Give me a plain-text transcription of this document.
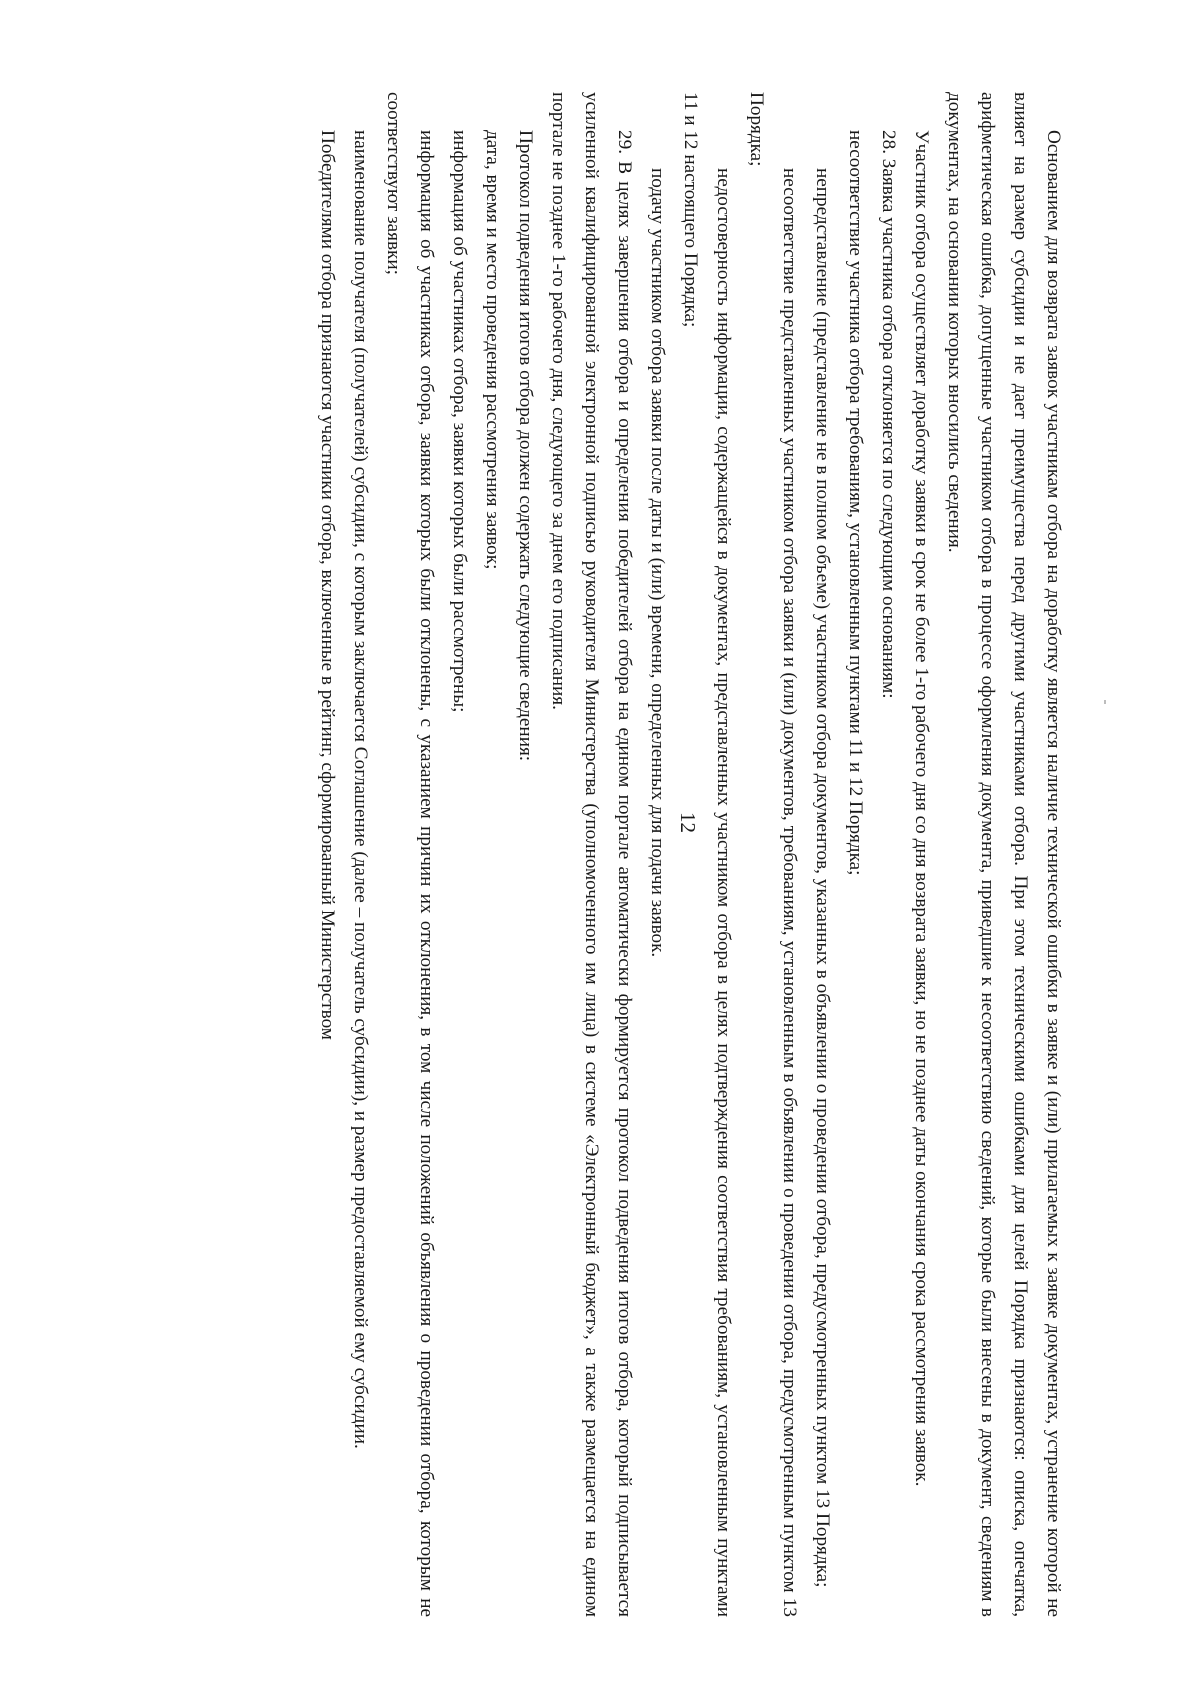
12	Основанием для возврата заявок участникам отбора на доработку является наличие технической ошибки в заявке и (или) прилагаемых к заявке документах, устранение которой не влияет на размер субсидии и не дает преимущества перед другими участниками отбора. При этом техническими ошибками для целей Порядка признаются: описка, опечатка, арифметическая ошибка, допущенные участником отбора в процессе оформления документа, приведшие к несоответствию сведений, которые были внесены в документ, сведениям в документах, на основании которых вносились сведения.

Участник отбора осуществляет доработку заявки в срок не более 1-го рабочего дня со дня возврата заявки, но не позднее даты окончания срока рассмотрения заявок.

28. Заявка участника отбора отклоняется по следующим основаниям:

несоответствие участника отбора требованиям, установленным пунктами 11 и 12 Порядка;

непредставление (представление не в полном объеме) участником отбора документов, указанных в объявлении о проведении отбора, предусмотренных пунктом 13 Порядка;

несоответствие представленных участником отбора заявки и (или) документов, требованиям, установленным в объявлении о проведении отбора, предусмотренным пунктом 13 Порядка;

недостоверность информации, содержащейся в документах, представленных участником отбора в целях подтверждения соответствия требованиям, установленным пунктами 11 и 12 настоящего Порядка;

подачу участником отбора заявки после даты и (или) времени, определенных для подачи заявок.

29. В целях завершения отбора и определения победителей отбора на едином портале автоматически формируется протокол подведения итогов отбора, который подписывается усиленной квалифицированной электронной подписью руководителя Министерства (уполномоченного им лица) в системе «Электронный бюджет», а также размещается на едином портале не позднее 1-го рабочего дня, следующего за днем его подписания.

Протокол подведения итогов отбора должен содержать следующие сведения:

дата, время и место проведения рассмотрения заявок;

информация об участниках отбора, заявки которых были рассмотрены;

информация об участниках отбора, заявки которых были отклонены, с указанием причин их отклонения, в том числе положений объявления о проведении отбора, которым не соответствуют заявки;

наименование получателя (получателей) субсидии, с которым заключается Соглашение (далее – получатель субсидии), и размер предоставляемой ему субсидии.

Победителями отбора признаются участники отбора, включенные в рейтинг, сформированный Министерством
